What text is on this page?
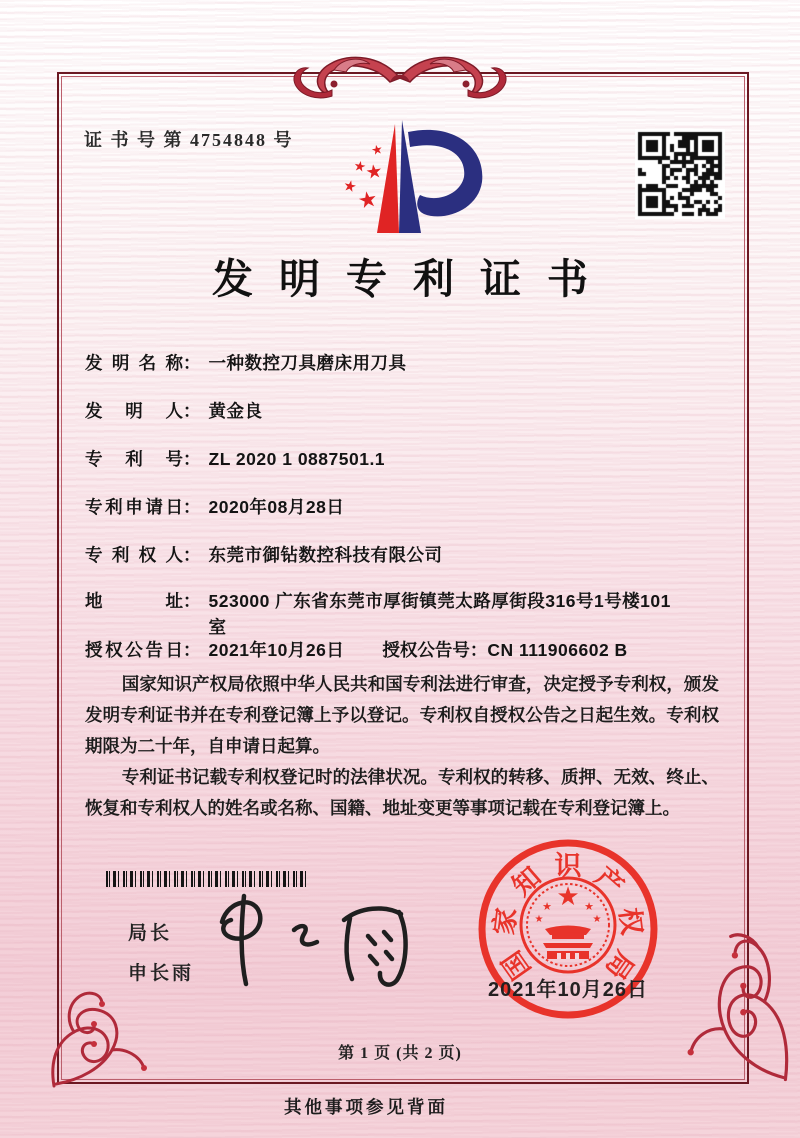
证 书 号 第 4754848 号
★
★
★
★
★
发明专利证书
发明名称： 一种数控刀具磨床用刀具
发明人： 黄金良
专利号： ZL 2020 1 0887501.1
专利申请日： 2020年08月28日
专利权人： 东莞市御钻数控科技有限公司
地址： 523000 广东省东莞市厚街镇莞太路厚街段316号1号楼101
室
授权公告日： 2021年10月26日 授权公告号：CN 111906602 B

国家知识产权局依照中华人民共和国专利法进行审查，决定授予专利权，颁发发明专利证书并在专利登记簿上予以登记。专利权自授权公告之日起生效。专利权期限为二十年，自申请日起算。

专利证书记载专利权登记时的法律状况。专利权的转移、质押、无效、终止、恢复和专利权人的姓名或名称、国籍、地址变更等事项记载在专利登记簿上。

局长
申长雨	国
家
知 识 产
权
局
★
★	★
★	★
2021年10月26日
第 1 页 (共 2 页)
其他事项参见背面
